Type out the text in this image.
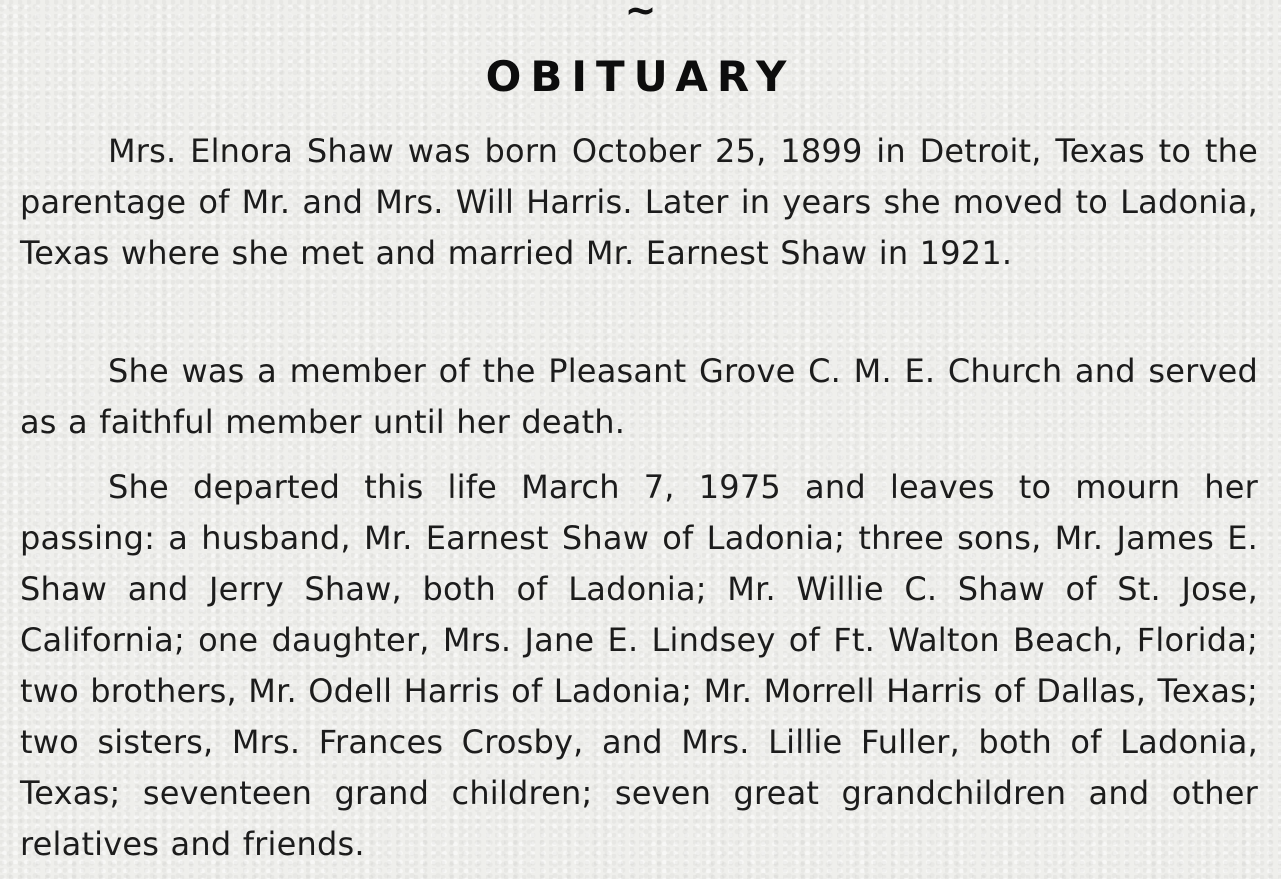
~
OBITUARY

Mrs. Elnora Shaw was born October 25, 1899 in Detroit, Texas to the parentage of Mr. and Mrs. Will Harris. Later in years she moved to Ladonia, Texas where she met and married Mr. Earnest Shaw in 1921.

She was a member of the Pleasant Grove C. M. E. Church and served as a faithful member until her death.

She departed this life March 7, 1975 and leaves to mourn her passing: a husband, Mr. Earnest Shaw of Ladonia; three sons, Mr. James E. Shaw and Jerry Shaw, both of Ladonia; Mr. Willie C. Shaw of St. Jose, California; one daughter, Mrs. Jane E. Lindsey of Ft. Walton Beach, Florida; two brothers, Mr. Odell Harris of Ladonia; Mr. Morrell Harris of Dallas, Texas; two sisters, Mrs. Frances Crosby, and Mrs. Lillie Fuller, both of Ladonia, Texas; seventeen grand children; seven great grandchildren and other relatives and friends.
